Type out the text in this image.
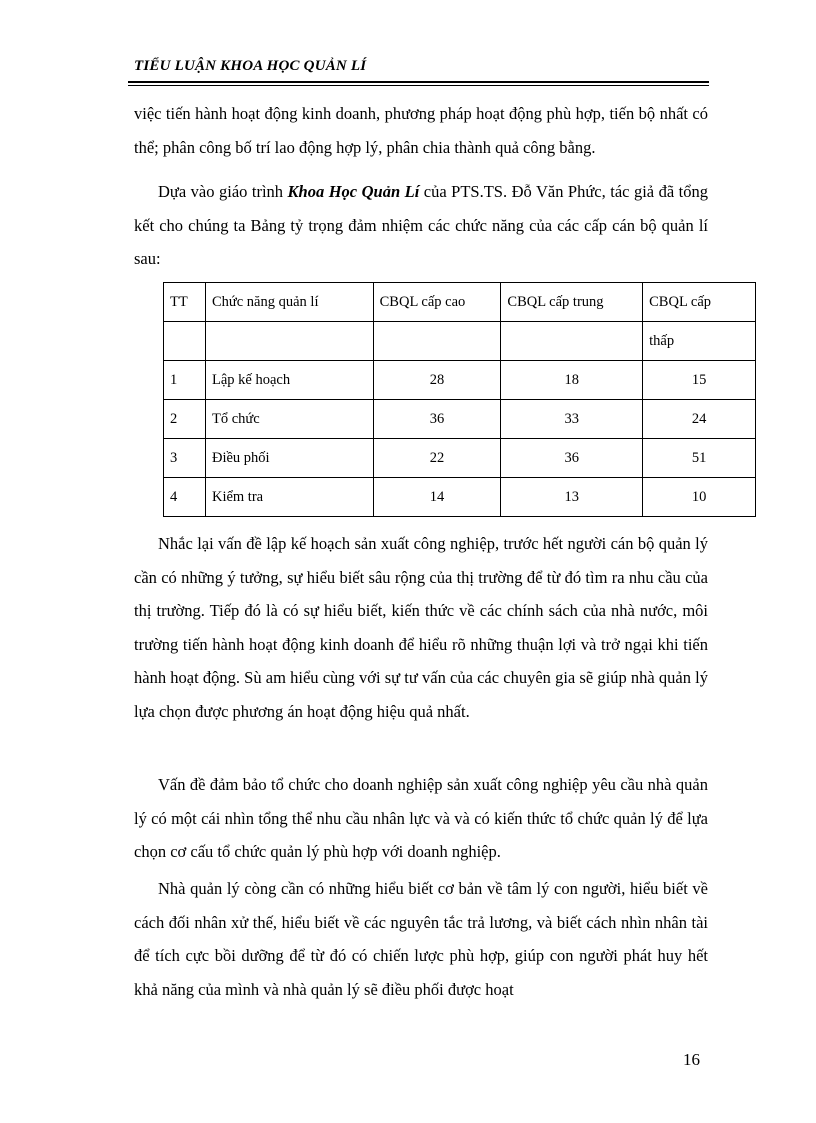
TIỂU LUẬN KHOA HỌC QUẢN LÍ

việc tiến hành hoạt động kinh doanh, phương pháp hoạt động phù hợp, tiến bộ nhất có thể; phân công bố trí lao động hợp lý, phân chia thành quả công bằng.

Dựa vào giáo trình Khoa Học Quản Lí của PTS.TS. Đỗ Văn Phức, tác giả đã tổng kết cho chúng ta Bảng tỷ trọng đảm nhiệm các chức năng của các cấp cán bộ quản lí sau:

TT	Chức năng quản lí	CBQL cấp cao	CBQL cấp trung	CBQL cấp
				thấp
1	Lập kế hoạch	28	18	15
2	Tổ chức	36	33	24
3	Điều phối	22	36	51
4	Kiểm tra	14	13	10

Nhắc lại vấn đề lập kế hoạch sản xuất công nghiệp, trước hết người cán bộ quản lý cần có những ý tưởng, sự hiểu biết sâu rộng của thị trường để từ đó tìm ra nhu cầu của thị trường. Tiếp đó là có sự hiểu biết, kiến thức về các chính sách của nhà nước, môi trường tiến hành hoạt động kinh doanh để hiểu rõ những thuận lợi và trở ngại khi tiến hành hoạt động. Sù am hiểu cùng với sự tư vấn của các chuyên gia sẽ giúp nhà quản lý lựa chọn được phương án hoạt động hiệu quả nhất.

Vấn đề đảm bảo tổ chức cho doanh nghiệp sản xuất công nghiệp yêu cầu nhà quản lý có một cái nhìn tổng thể nhu cầu nhân lực và và có kiến thức tổ chức quản lý để lựa chọn cơ cấu tổ chức quản lý phù hợp với doanh nghiệp.

Nhà quản lý còng cần có những hiểu biết cơ bản về tâm lý con người, hiểu biết về cách đối nhân xử thế, hiểu biết về các nguyên tắc trả lương, và biết cách nhìn nhân tài để tích cực bồi dưỡng để từ đó có chiến lược phù hợp, giúp con người phát huy hết khả năng của mình và nhà quản lý sẽ điều phối được hoạt

16
